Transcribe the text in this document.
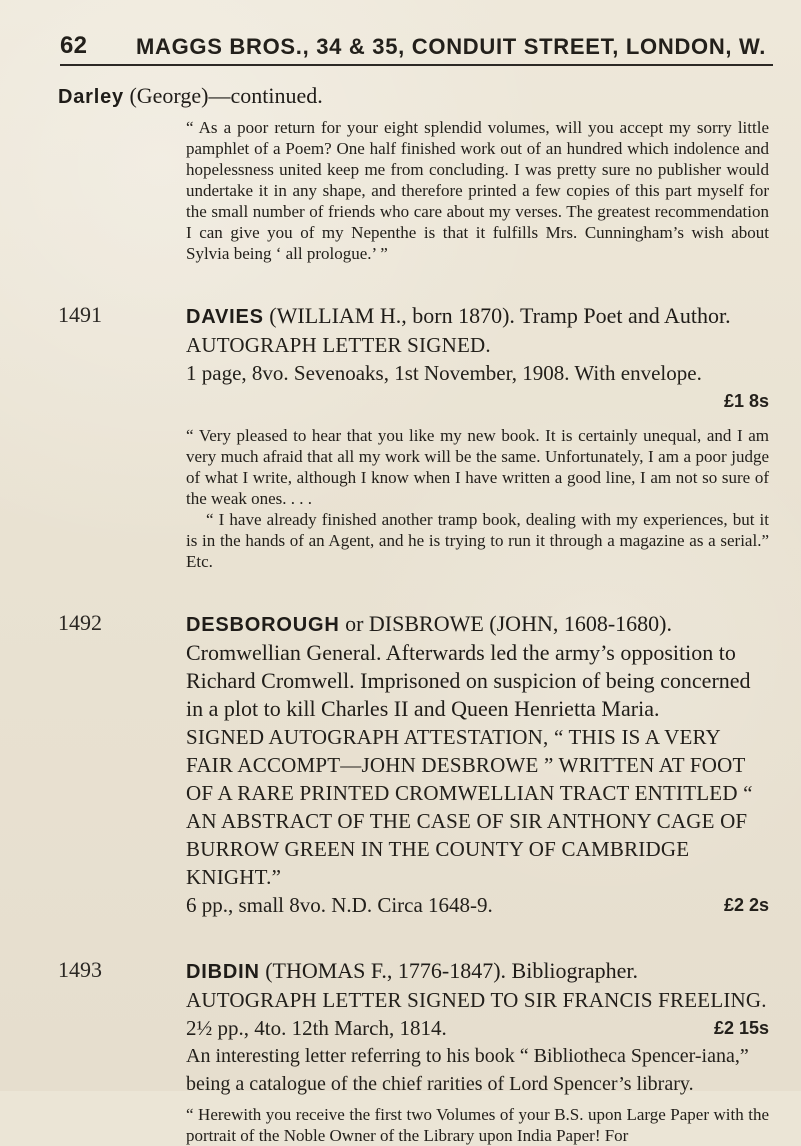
62	MAGGS BROS., 34 & 35, CONDUIT STREET, LONDON, W.
Darley (George)—continued.

“ As a poor return for your eight splendid volumes, will you accept my sorry little pamphlet of a Poem? One half finished work out of an hundred which indolence and hopelessness united keep me from concluding. I was pretty sure no publisher would undertake it in any shape, and therefore printed a few copies of this part myself for the small number of friends who care about my verses. The greatest recommendation I can give you of my Nepenthe is that it fulfills Mrs. Cunningham’s wish about Sylvia being ‘ all prologue.’ ”

1491	DAVIES (WILLIAM H., born 1870). Tramp Poet and Author.
AUTOGRAPH LETTER SIGNED.
1 page, 8vo. Sevenoaks, 1st November, 1908. With envelope.
£1 8s

“ Very pleased to hear that you like my new book. It is certainly unequal, and I am very much afraid that all my work will be the same. Unfortunately, I am a poor judge of what I write, although I know when I have written a good line, I am not so sure of the weak ones. . . .

“ I have already finished another tramp book, dealing with my experiences, but it is in the hands of an Agent, and he is trying to run it through a magazine as a serial.” Etc.

1492	DESBOROUGH or DISBROWE (JOHN, 1608-1680). Cromwellian General. Afterwards led the army’s opposition to Richard Cromwell. Imprisoned on suspicion of being concerned in a plot to kill Charles II and Queen Henrietta Maria.
SIGNED AUTOGRAPH ATTESTATION, “ THIS IS A VERY FAIR ACCOMPT—JOHN DESBROWE ” WRITTEN AT FOOT OF A RARE PRINTED CROMWELLIAN TRACT ENTITLED “ AN ABSTRACT OF THE CASE OF SIR ANTHONY CAGE OF BURROW GREEN IN THE COUNTY OF CAMBRIDGE KNIGHT.”
6 pp., small 8vo. N.D. Circa 1648-9.	£2 2s
1493	DIBDIN (THOMAS F., 1776-1847). Bibliographer.
AUTOGRAPH LETTER SIGNED TO SIR FRANCIS FREELING.
2½ pp., 4to. 12th March, 1814.	£2 15s
An interesting letter referring to his book “ Bibliotheca Spencer-iana,” being a catalogue of the chief rarities of Lord Spencer’s library.

“ Herewith you receive the first two Volumes of your B.S. upon Large Paper with the portrait of the Noble Owner of the Library upon India Paper! For
